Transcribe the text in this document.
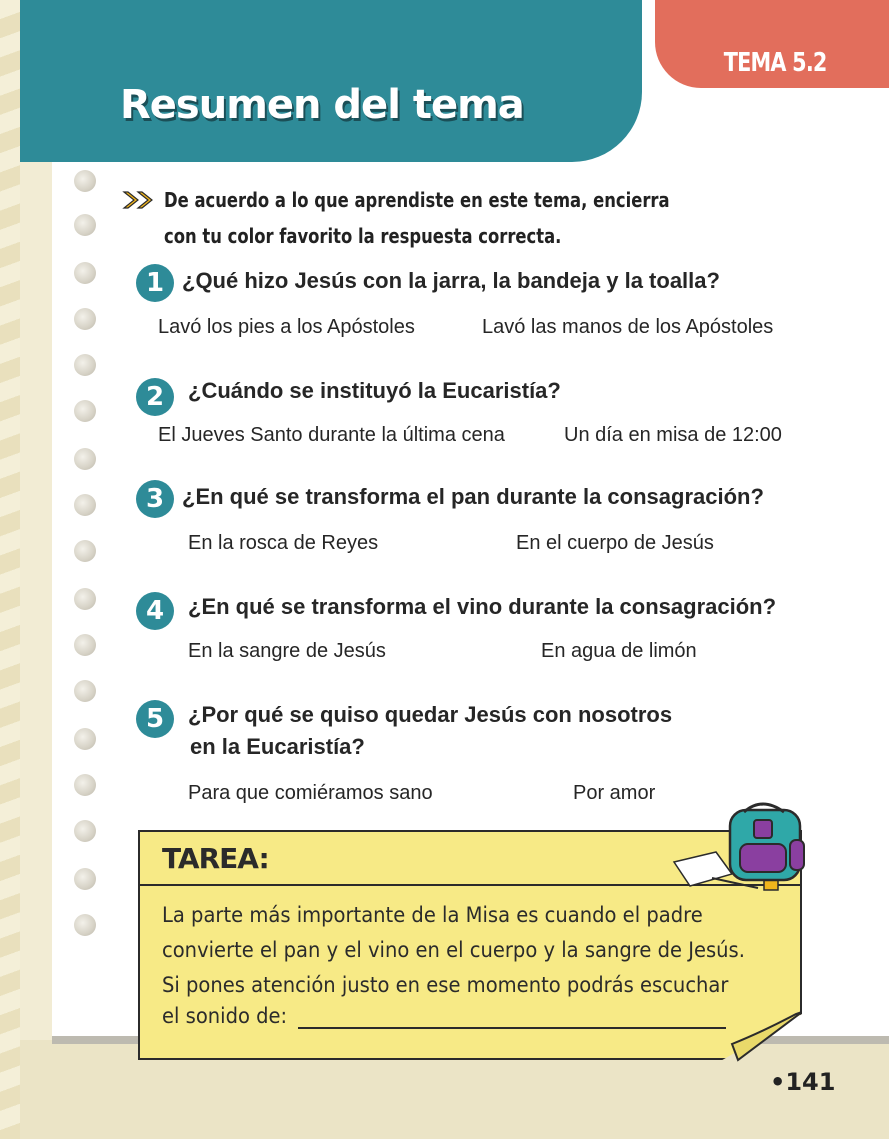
TEMA 5.2
Resumen del tema
De acuerdo a lo que aprendiste en este tema, encierra con tu color favorito la respuesta correcta.
1 ¿Qué hizo Jesús con la jarra, la bandeja y la toalla?
Lavó los pies a los Apóstoles	Lavó las manos de los Apóstoles
2	¿Cuándo se instituyó la Eucaristía?
El Jueves Santo durante la última cena	Un día en misa de 12:00
3 ¿En qué se transforma el pan durante la consagración?
En la rosca de Reyes	En el cuerpo de Jesús
4	¿En qué se transforma el vino durante la consagración?
En la sangre de Jesús	En agua de limón
5	¿Por qué se quiso quedar Jesús con nosotros
en la Eucaristía?
Para que comiéramos sano	Por amor
TAREA:
La parte más importante de la Misa es cuando el padre convierte el pan y el vino en el cuerpo y la sangre de Jesús. Si pones atención justo en ese momento podrás escuchar
el sonido de:
•141
